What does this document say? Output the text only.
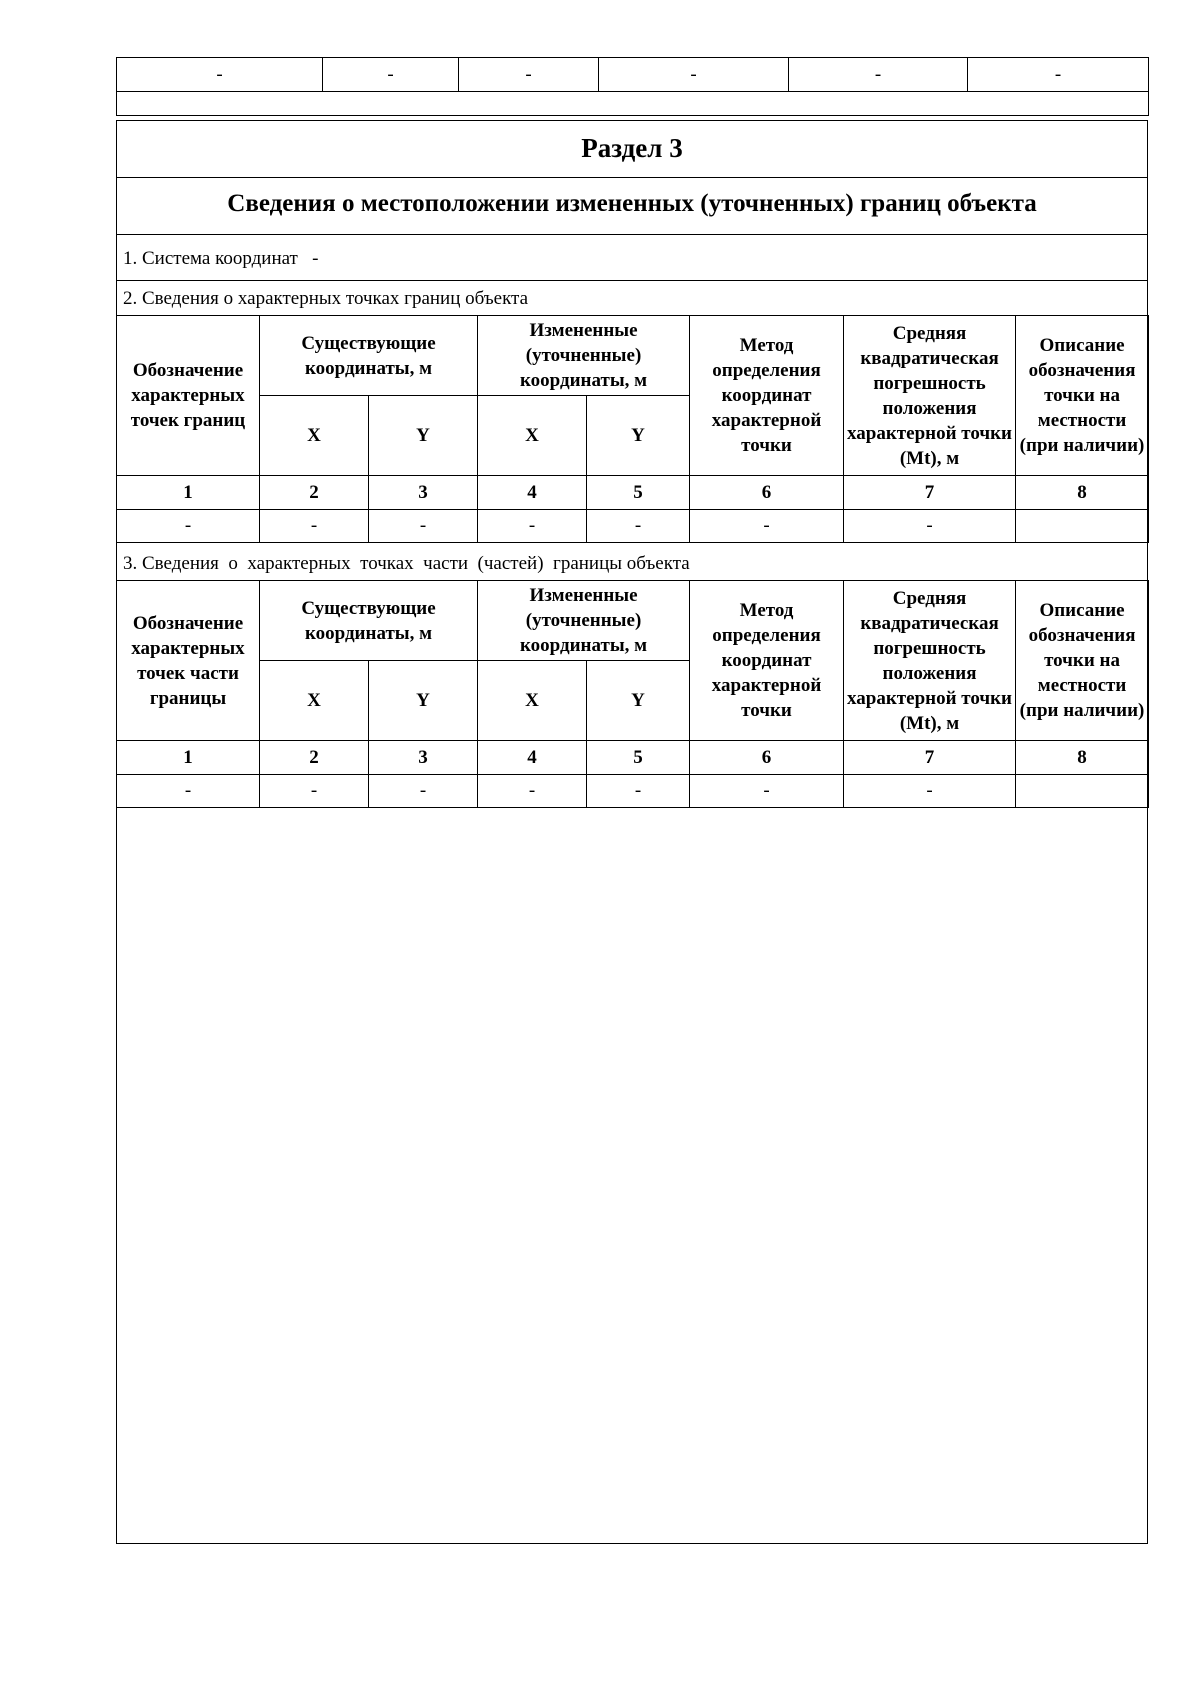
-	-	-	-	-	-

Раздел 3
Сведения о местоположении измененных (уточненных) границ объекта
1. Система координат   -
2. Сведения о характерных точках границ объекта
Обозначение характерных точек границ	Существующие координаты, м		Измененные (уточненные) координаты, м		Метод определения координат характерной точки	Средняя квадратическая погрешность положения характерной точки (Mt), м	Описание обозначения точки на местности (при наличии)
	X	Y	X	Y			
1	2	3	4	5	6	7	8
-	-	-	-	-	-	-	
3. Сведения  о  характерных  точках  части  (частей)  границы объекта
Обозначение характерных точек части границы	Существующие координаты, м		Измененные (уточненные) координаты, м		Метод определения координат характерной точки	Средняя квадратическая погрешность положения характерной точки (Mt), м	Описание обозначения точки на местности (при наличии)
	X	Y	X	Y			
1	2	3	4	5	6	7	8
-	-	-	-	-	-	-	
